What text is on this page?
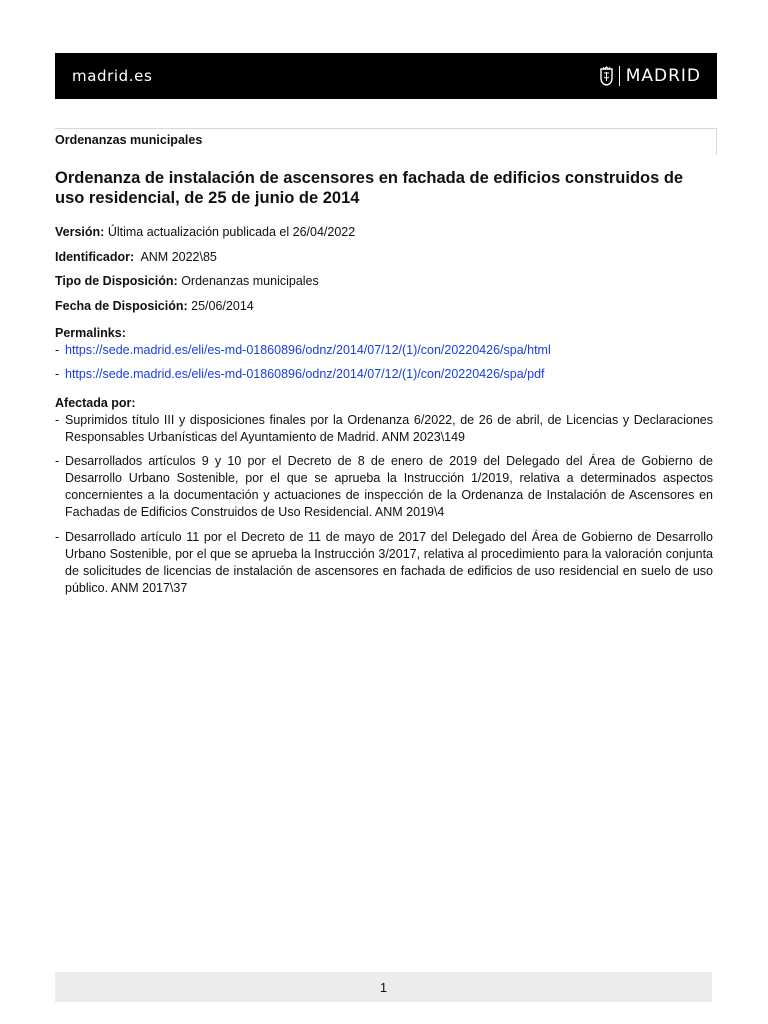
madrid.es	MADRID
Ordenanzas municipales
Ordenanza de instalación de ascensores en fachada de edificios construidos de uso residencial, de 25 de junio de 2014
Versión: Última actualización publicada el 26/04/2022
Identificador: ANM 2022\85
Tipo de Disposición: Ordenanzas municipales
Fecha de Disposición: 25/06/2014
Permalinks:
- https://sede.madrid.es/eli/es-md-01860896/odnz/2014/07/12/(1)/con/20220426/spa/html
- https://sede.madrid.es/eli/es-md-01860896/odnz/2014/07/12/(1)/con/20220426/spa/pdf
Afectada por:
- Suprimidos título III y disposiciones finales por la Ordenanza 6/2022, de 26 de abril, de Licencias y Declaraciones Responsables Urbanísticas del Ayuntamiento de Madrid. ANM 2023\149
- Desarrollados artículos 9 y 10 por el Decreto de 8 de enero de 2019 del Delegado del Área de Gobierno de Desarrollo Urbano Sostenible, por el que se aprueba la Instrucción 1/2019, relativa a determinados aspectos concernientes a la documentación y actuaciones de inspección de la Ordenanza de Instalación de Ascensores en Fachadas de Edificios Construidos de Uso Residencial. ANM 2019\4
- Desarrollado artículo 11 por el Decreto de 11 de mayo de 2017 del Delegado del Área de Gobierno de Desarrollo Urbano Sostenible, por el que se aprueba la Instrucción 3/2017, relativa al procedimiento para la valoración conjunta de solicitudes de licencias de instalación de ascensores en fachada de edificios de uso residencial en suelo de uso público. ANM 2017\37
1
